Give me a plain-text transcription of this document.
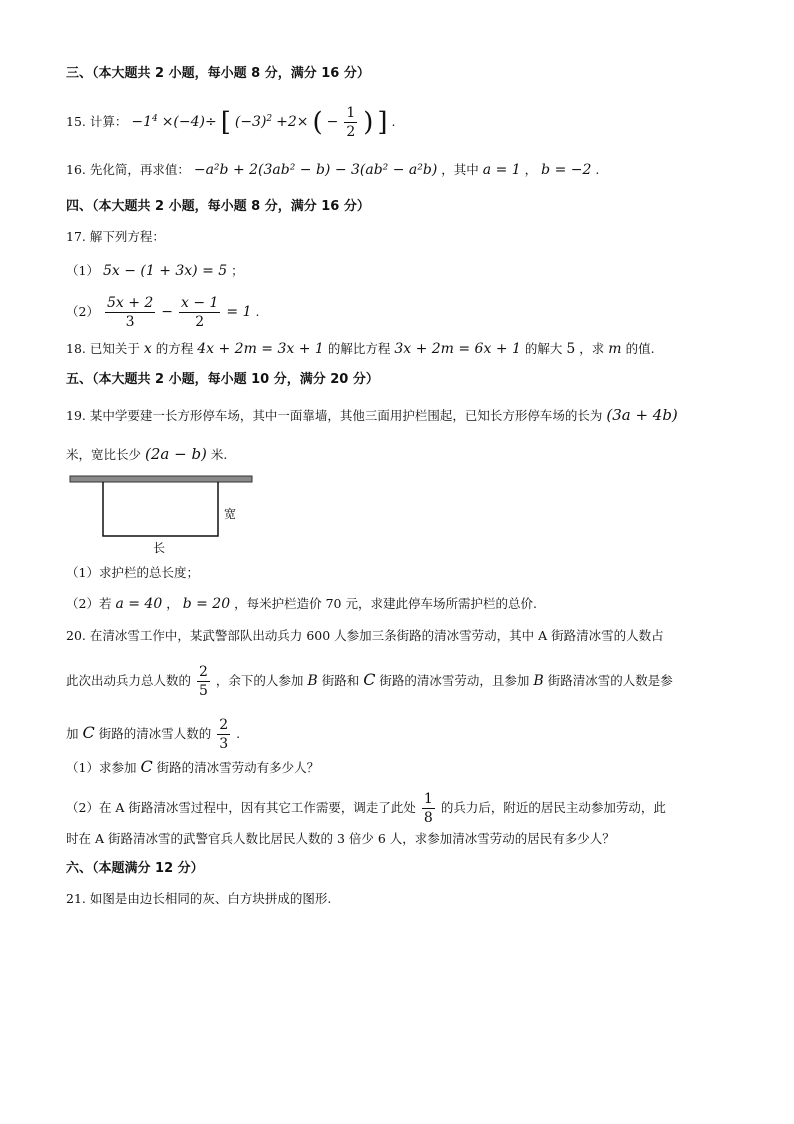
三、（本大题共 2 小题，每小题 8 分，满分 16 分）
15. 计算： $-1^4 \times(-4)\div$ [ $(-3)^2 +2\times$ ( − $\frac{1}{2}$ ) ] .
16. 先化简，再求值： −a²b + 2(3ab² − b) − 3(ab² − a²b) ，其中 a = 1 ， b = −2 .
四、（本大题共 2 小题，每小题 8 分，满分 16 分）
17. 解下列方程：
（1） 5x − (1 + 3x) = 5 ；
$(2) \frac{5x + 2}{3} - \frac{x - 1}{2} = 1$ .
18. 已知关于 x 的方程 4x + 2m = 3x + 1 的解比方程 3x + 2m = 6x + 1 的解大 5 ，求 m 的值.
五、（本大题共 2 小题，每小题 10 分，满分 20 分）
19. 某中学要建一长方形停车场，其中一面靠墙，其他三面用护栏围起，已知长方形停车场的长为 (3a + 4b)
米，宽比长少 (2a − b) 米.
宽
长
（1）求护栏的总长度；
（2）若 a = 40 ， b = 20 ，每米护栏造价 70 元，求建此停车场所需护栏的总价.
20. 在清冰雪工作中，某武警部队出动兵力 600 人参加三条街路的清冰雪劳动，其中 A 街路清冰雪的人数占
此次出动兵力总人数的 $\frac{2}{5}$ ，余下的人参加 B 街路和 C 街路的清冰雪劳动，且参加 B 街路清冰雪的人数是参
加 C 街路的清冰雪人数的 $\frac{2}{3}$ .
（1）求参加 C 街路的清冰雪劳动有多少人？
（2）在 A 街路清冰雪过程中，因有其它工作需要，调走了此处 $\frac{1}{8}$ 的兵力后，附近的居民主动参加劳动，此
时在 A 街路清冰雪的武警官兵人数比居民人数的 3 倍少 6 人，求参加清冰雪劳动的居民有多少人？
六、（本题满分 12 分）
21. 如图是由边长相同的灰、白方块拼成的图形.
